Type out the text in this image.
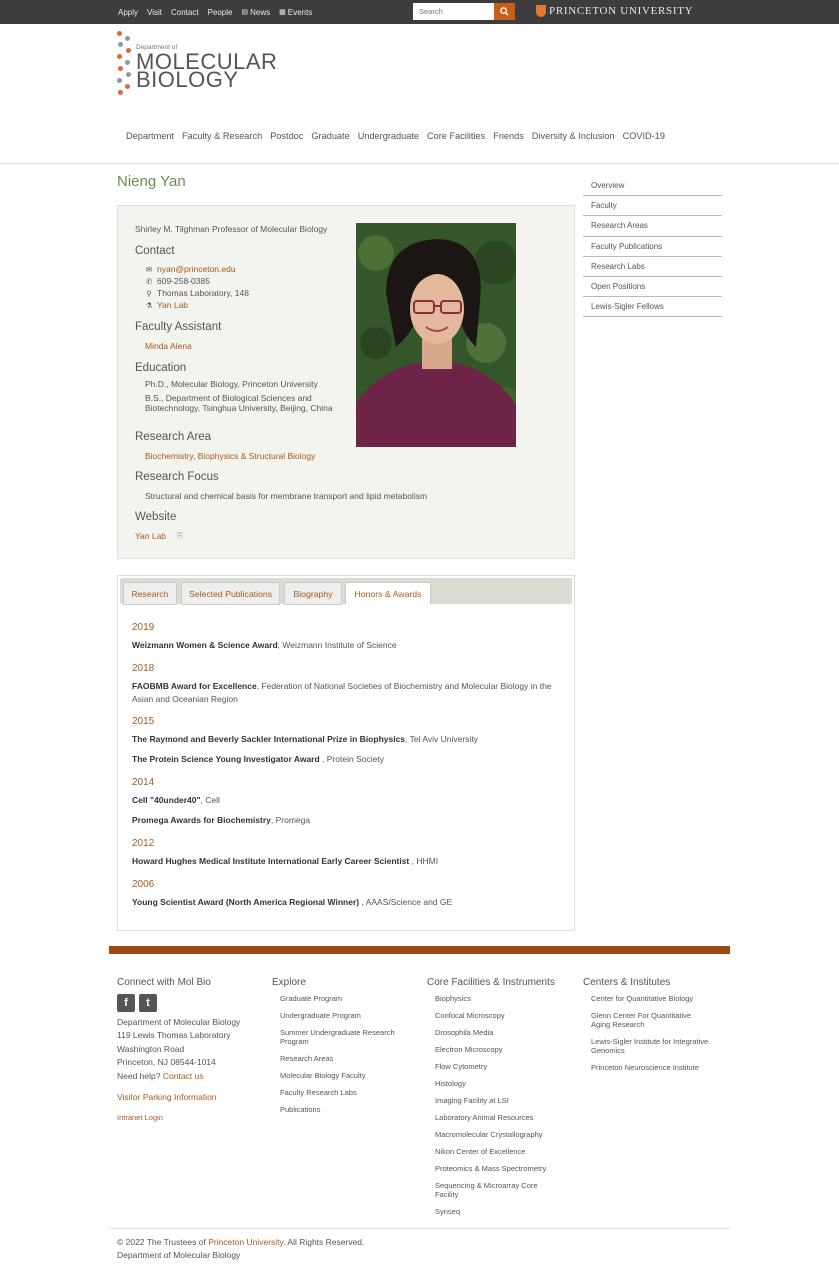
Apply Visit Contact People ▤ News ▦ Events
Search	PRINCETON UNIVERSITY
Department of
MOLECULAR
BIOLOGY
Department Faculty & Research Postdoc Graduate Undergraduate Core Facilities Friends Diversity & Inclusion COVID-19
Nieng Yan
Shirley M. Tilghman Professor of Molecular Biology
Contact
✉ nyan@princeton.edu
✆ 609-258-0385
⚲ Thomas Laboratory, 148
⚗ Yan Lab
Faculty Assistant
Minda Alena
Education
Ph.D., Molecular Biology, Princeton University
B.S., Department of Biological Sciences and Biotechnology, Tsinghua University, Beijing, China
Research Area
Biochemistry, Biophysics & Structural Biology
Research Focus
Structural and chemical basis for membrane transport and lipid metabolism
Website
Yan Lab ⎘
Research	Selected Publications	Biography	Honors & Awards
2019
Weizmann Women & Science Award, Weizmann Institute of Science
2018
FAOBMB Award for Excellence, Federation of National Societies of Biochemistry and Molecular Biology in the Asian and Oceanian Region
2015
The Raymond and Beverly Sackler International Prize in Biophysics, Tel Aviv University
The Protein Science Young Investigator Award , Protein Society
2014
Cell "40under40", Cell
Promega Awards for Biochemistry, Promega
2012
Howard Hughes Medical Institute International Early Career Scientist , HHMI
2006
Young Scientist Award (North America Regional Winner) , AAAS/Science and GE
Overview
Faculty
Research Areas
Faculty Publications
Research Labs
Open Positions
Lewis-Sigler Fellows
Connect with Mol Bio
f	t
Department of Molecular Biology
119 Lewis Thomas Laboratory
Washington Road
Princeton, NJ 08544-1014
Need help? Contact us
Visitor Parking Information
Intranet Login
Explore
Graduate Program
Undergraduate Program
Summer Undergraduate Research Program
Research Areas
Molecular Biology Faculty
Faculty Research Labs
Publications
Core Facilities & Instruments
Biophysics
Confocal Microscopy
Drosophila Media
Electron Microscopy
Flow Cytometry
Histology
Imaging Facility at LSI
Laboratory Animal Resources
Macromolecular Crystallography
Nikon Center of Excellence
Proteomics & Mass Spectrometry
Sequencing & Microarray Core Facility
Synseq
Centers & Institutes
Center for Quantitative Biology
Glenn Center For Quantitative Aging Research
Lewis-Sigler Institute for Integrative Genomics
Princeton Neuroscience Institute
© 2022 The Trustees of Princeton University. All Rights Reserved.
Department of Molecular Biology
